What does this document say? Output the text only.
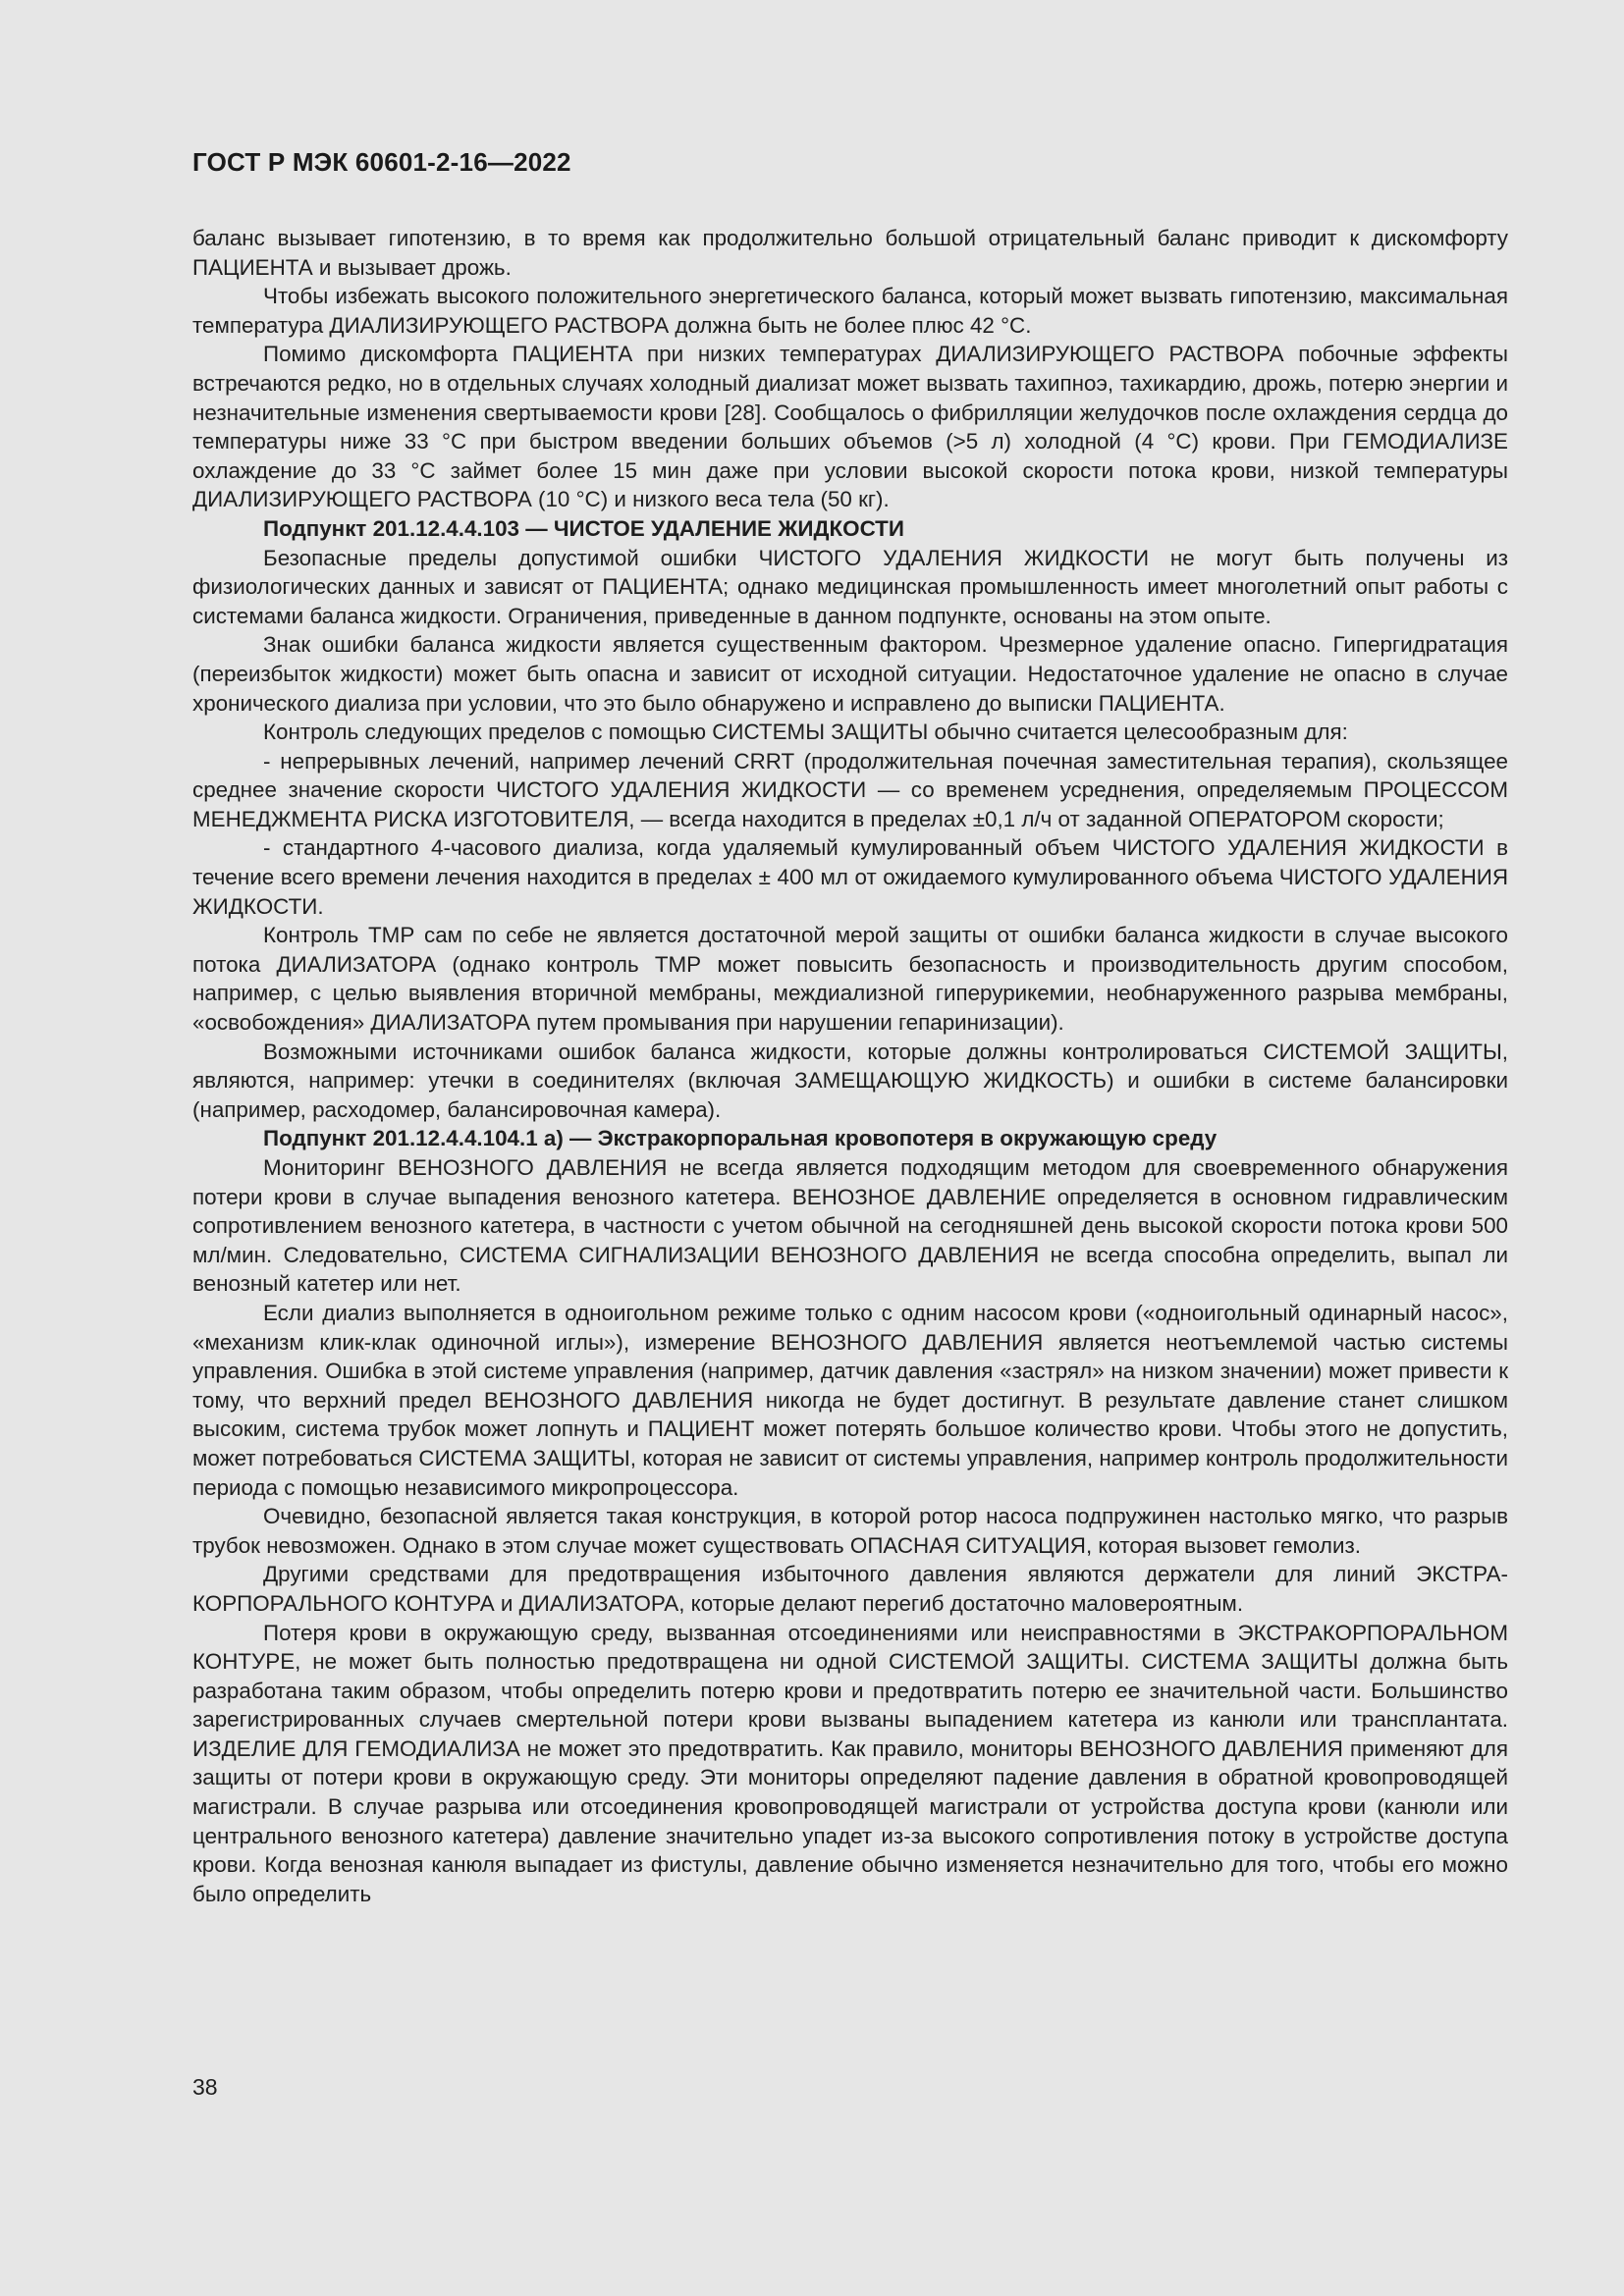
ГОСТ Р МЭК 60601-2-16—2022

баланс вызывает гипотензию, в то время как продолжительно большой отрицательный баланс приводит к дискомфорту ПАЦИЕНТА и вызывает дрожь.

Чтобы избежать высокого положительного энергетического баланса, который может вызвать гипотензию, максимальная температура ДИАЛИЗИРУЮЩЕГО РАСТВОРА должна быть не более плюс 42 °С.

Помимо дискомфорта ПАЦИЕНТА при низких температурах ДИАЛИЗИРУЮЩЕГО РАСТВОРА побочные эффекты встречаются редко, но в отдельных случаях холодный диализат может вызвать тахипноэ, тахикардию, дрожь, потерю энергии и незначительные изменения свертываемости крови [28]. Сообщалось о фибрилляции желудочков после охлаждения сердца до температуры ниже 33 °С при быстром введении больших объемов (>5 л) холодной (4 °С) крови. При ГЕМОДИАЛИЗЕ охлаждение до 33 °С займет более 15 мин даже при условии высокой скорости потока крови, низкой температуры ДИАЛИЗИРУЮЩЕГО РАСТВОРА (10 °С) и низкого веса тела (50 кг).

Подпункт 201.12.4.4.103 — ЧИСТОЕ УДАЛЕНИЕ ЖИДКОСТИ

Безопасные пределы допустимой ошибки ЧИСТОГО УДАЛЕНИЯ ЖИДКОСТИ не могут быть получены из физиологических данных и зависят от ПАЦИЕНТА; однако медицинская промышленность имеет многолетний опыт работы с системами баланса жидкости. Ограничения, приведенные в данном подпункте, основаны на этом опыте.

Знак ошибки баланса жидкости является существенным фактором. Чрезмерное удаление опасно. Гипергидратация (переизбыток жидкости) может быть опасна и зависит от исходной ситуации. Недостаточное удаление не опасно в случае хронического диализа при условии, что это было обнаружено и исправлено до выписки ПАЦИЕНТА.

Контроль следующих пределов с помощью СИСТЕМЫ ЗАЩИТЫ обычно считается целесообразным для:

- непрерывных лечений, например лечений CRRT (продолжительная почечная заместительная терапия), скользящее среднее значение скорости ЧИСТОГО УДАЛЕНИЯ ЖИДКОСТИ — со временем усреднения, определяемым ПРОЦЕССОМ МЕНЕДЖМЕНТА РИСКА ИЗГОТОВИТЕЛЯ, — всегда находится в пределах ±0,1 л/ч от заданной ОПЕРАТОРОМ скорости;

- стандартного 4-часового диализа, когда удаляемый кумулированный объем ЧИСТОГО УДАЛЕНИЯ ЖИДКОСТИ в течение всего времени лечения находится в пределах ± 400 мл от ожидаемого кумулированного объема ЧИСТОГО УДАЛЕНИЯ ЖИДКОСТИ.

Контроль ТМР сам по себе не является достаточной мерой защиты от ошибки баланса жидкости в случае высокого потока ДИАЛИЗАТОРА (однако контроль ТМР может повысить безопасность и производительность другим способом, например, с целью выявления вторичной мембраны, междиализной гиперурикемии, необнаруженного разрыва мембраны, «освобождения» ДИАЛИЗАТОРА путем промывания при нарушении гепаринизации).

Возможными источниками ошибок баланса жидкости, которые должны контролироваться СИСТЕМОЙ ЗАЩИТЫ, являются, например: утечки в соединителях (включая ЗАМЕЩАЮЩУЮ ЖИДКОСТЬ) и ошибки в системе балансировки (например, расходомер, балансировочная камера).

Подпункт 201.12.4.4.104.1 а) — Экстракорпоральная кровопотеря в окружающую среду

Мониторинг ВЕНОЗНОГО ДАВЛЕНИЯ не всегда является подходящим методом для своевременного обнаружения потери крови в случае выпадения венозного катетера. ВЕНОЗНОЕ ДАВЛЕНИЕ определяется в основном гидравлическим сопротивлением венозного катетера, в частности с учетом обычной на сегодняшней день высокой скорости потока крови 500 мл/мин. Следовательно, СИСТЕМА СИГНАЛИЗАЦИИ ВЕНОЗНОГО ДАВЛЕНИЯ не всегда способна определить, выпал ли венозный катетер или нет.

Если диализ выполняется в одноигольном режиме только с одним насосом крови («одноигольный одинарный насос», «механизм клик-клак одиночной иглы»), измерение ВЕНОЗНОГО ДАВЛЕНИЯ является неотъемлемой частью системы управления. Ошибка в этой системе управления (например, датчик давления «застрял» на низком значении) может привести к тому, что верхний предел ВЕНОЗНОГО ДАВЛЕНИЯ никогда не будет достигнут. В результате давление станет слишком высоким, система трубок может лопнуть и ПАЦИЕНТ может потерять большое количество крови. Чтобы этого не допустить, может потребоваться СИСТЕМА ЗАЩИТЫ, которая не зависит от системы управления, например контроль продолжительности периода с помощью независимого микропроцессора.

Очевидно, безопасной является такая конструкция, в которой ротор насоса подпружинен настолько мягко, что разрыв трубок невозможен. Однако в этом случае может существовать ОПАСНАЯ СИТУАЦИЯ, которая вызовет гемолиз.

Другими средствами для предотвращения избыточного давления являются держатели для линий ЭКСТРАКОРПОРАЛЬНОГО КОНТУРА и ДИАЛИЗАТОРА, которые делают перегиб достаточно маловероятным.

Потеря крови в окружающую среду, вызванная отсоединениями или неисправностями в ЭКСТРАКОРПОРАЛЬНОМ КОНТУРЕ, не может быть полностью предотвращена ни одной СИСТЕМОЙ ЗАЩИТЫ. СИСТЕМА ЗАЩИТЫ должна быть разработана таким образом, чтобы определить потерю крови и предотвратить потерю ее значительной части. Большинство зарегистрированных случаев смертельной потери крови вызваны выпадением катетера из канюли или трансплантата. ИЗДЕЛИЕ ДЛЯ ГЕМОДИАЛИЗА не может это предотвратить. Как правило, мониторы ВЕНОЗНОГО ДАВЛЕНИЯ применяют для защиты от потери крови в окружающую среду. Эти мониторы определяют падение давления в обратной кровопроводящей магистрали. В случае разрыва или отсоединения кровопроводящей магистрали от устройства доступа крови (канюли или центрального венозного катетера) давление значительно упадет из-за высокого сопротивления потоку в устройстве доступа крови. Когда венозная канюля выпадает из фистулы, давление обычно изменяется незначительно для того, чтобы его можно было определить

38
